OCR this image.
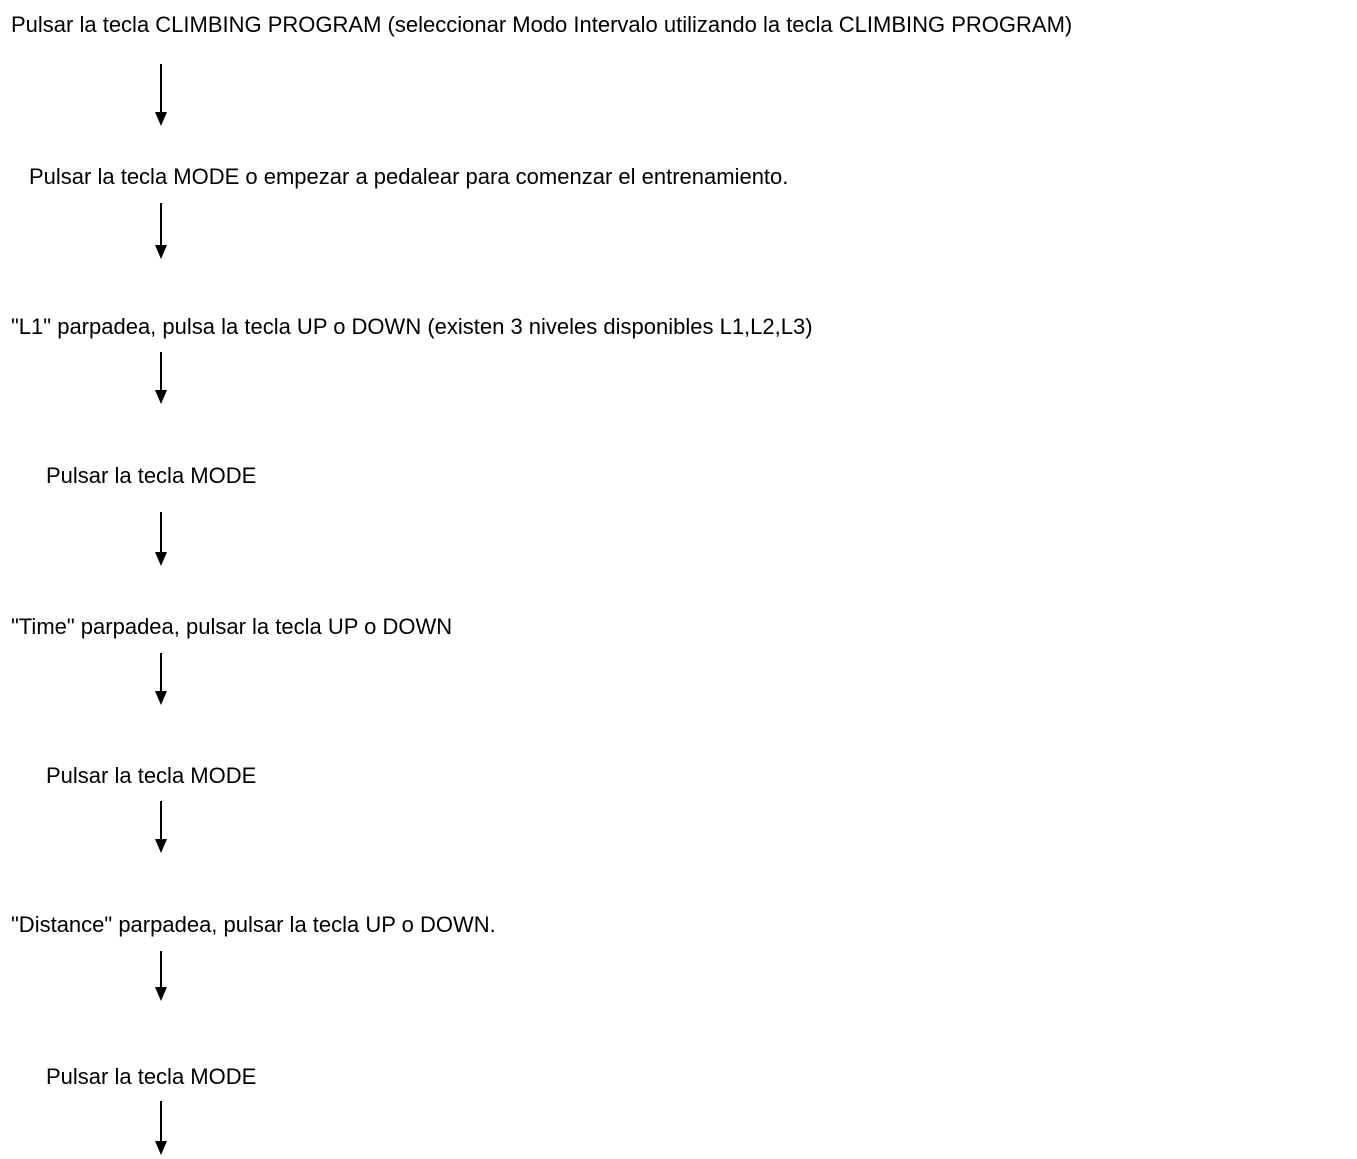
Pulsar la tecla CLIMBING PROGRAM (seleccionar Modo Intervalo utilizando la tecla CLIMBING PROGRAM)

Pulsar la tecla MODE o empezar a pedalear para comenzar el entrenamiento.

"L1" parpadea, pulsa la tecla UP o DOWN (existen 3 niveles disponibles L1,L2,L3)

Pulsar la tecla MODE

"Time" parpadea, pulsar la tecla UP o DOWN

Pulsar la tecla MODE

"Distance" parpadea, pulsar la tecla UP o DOWN.

Pulsar la tecla MODE
